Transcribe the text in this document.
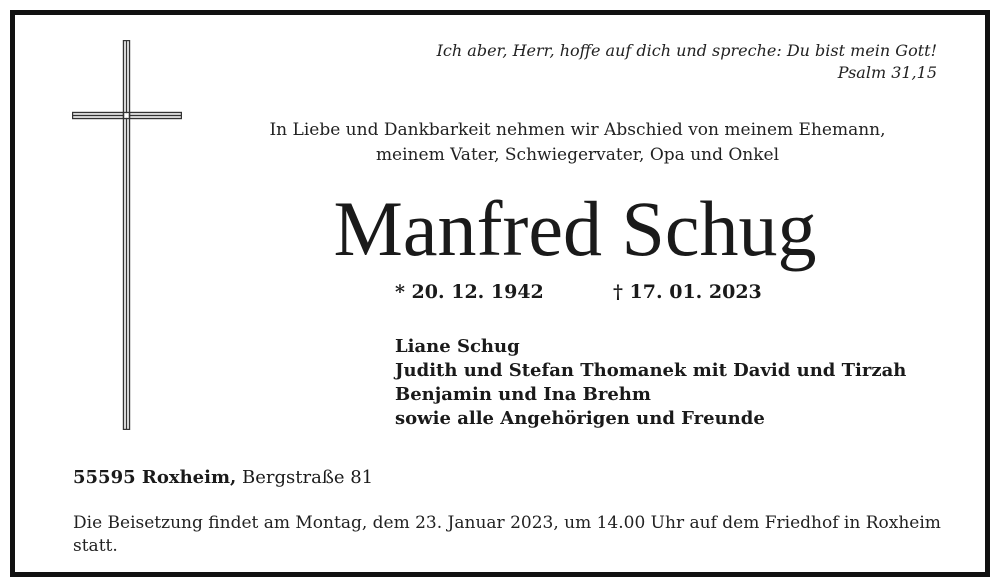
Ich aber, Herr, hoffe auf dich und spreche: Du bist mein Gott!
Psalm 31,15
In Liebe und Dankbarkeit nehmen wir Abschied von meinem Ehemann,
meinem Vater, Schwiegervater, Opa und Onkel
Manfred Schug
* 20. 12. 1942	† 17. 01. 2023
Liane Schug
Judith und Stefan Thomanek mit David und Tirzah
Benjamin und Ina Brehm
sowie alle Angehörigen und Freunde
55595 Roxheim, Bergstraße 81
Die Beisetzung findet am Montag, dem 23. Januar 2023, um 14.00 Uhr auf dem Friedhof in Roxheim statt.
